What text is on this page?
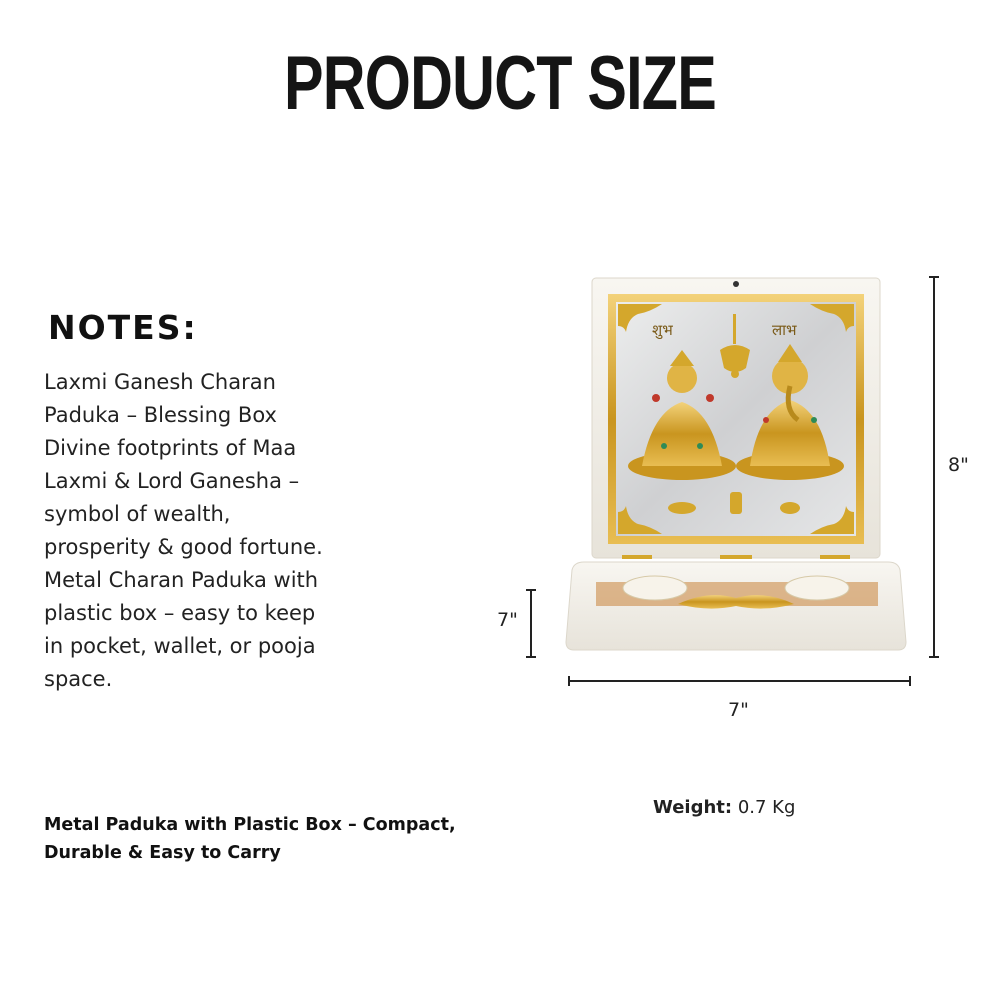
PRODUCT SIZE
NOTES:
Laxmi Ganesh Charan
Paduka – Blessing Box
Divine footprints of Maa
Laxmi & Lord Ganesha –
symbol of wealth,
prosperity & good fortune.
Metal Charan Paduka with
plastic box – easy to keep
in pocket, wallet, or pooja
space.
Metal Paduka with Plastic Box – Compact, Durable & Easy to Carry
Weight: 0.7 Kg
8"
7"
7"
शुभ	लाभ
